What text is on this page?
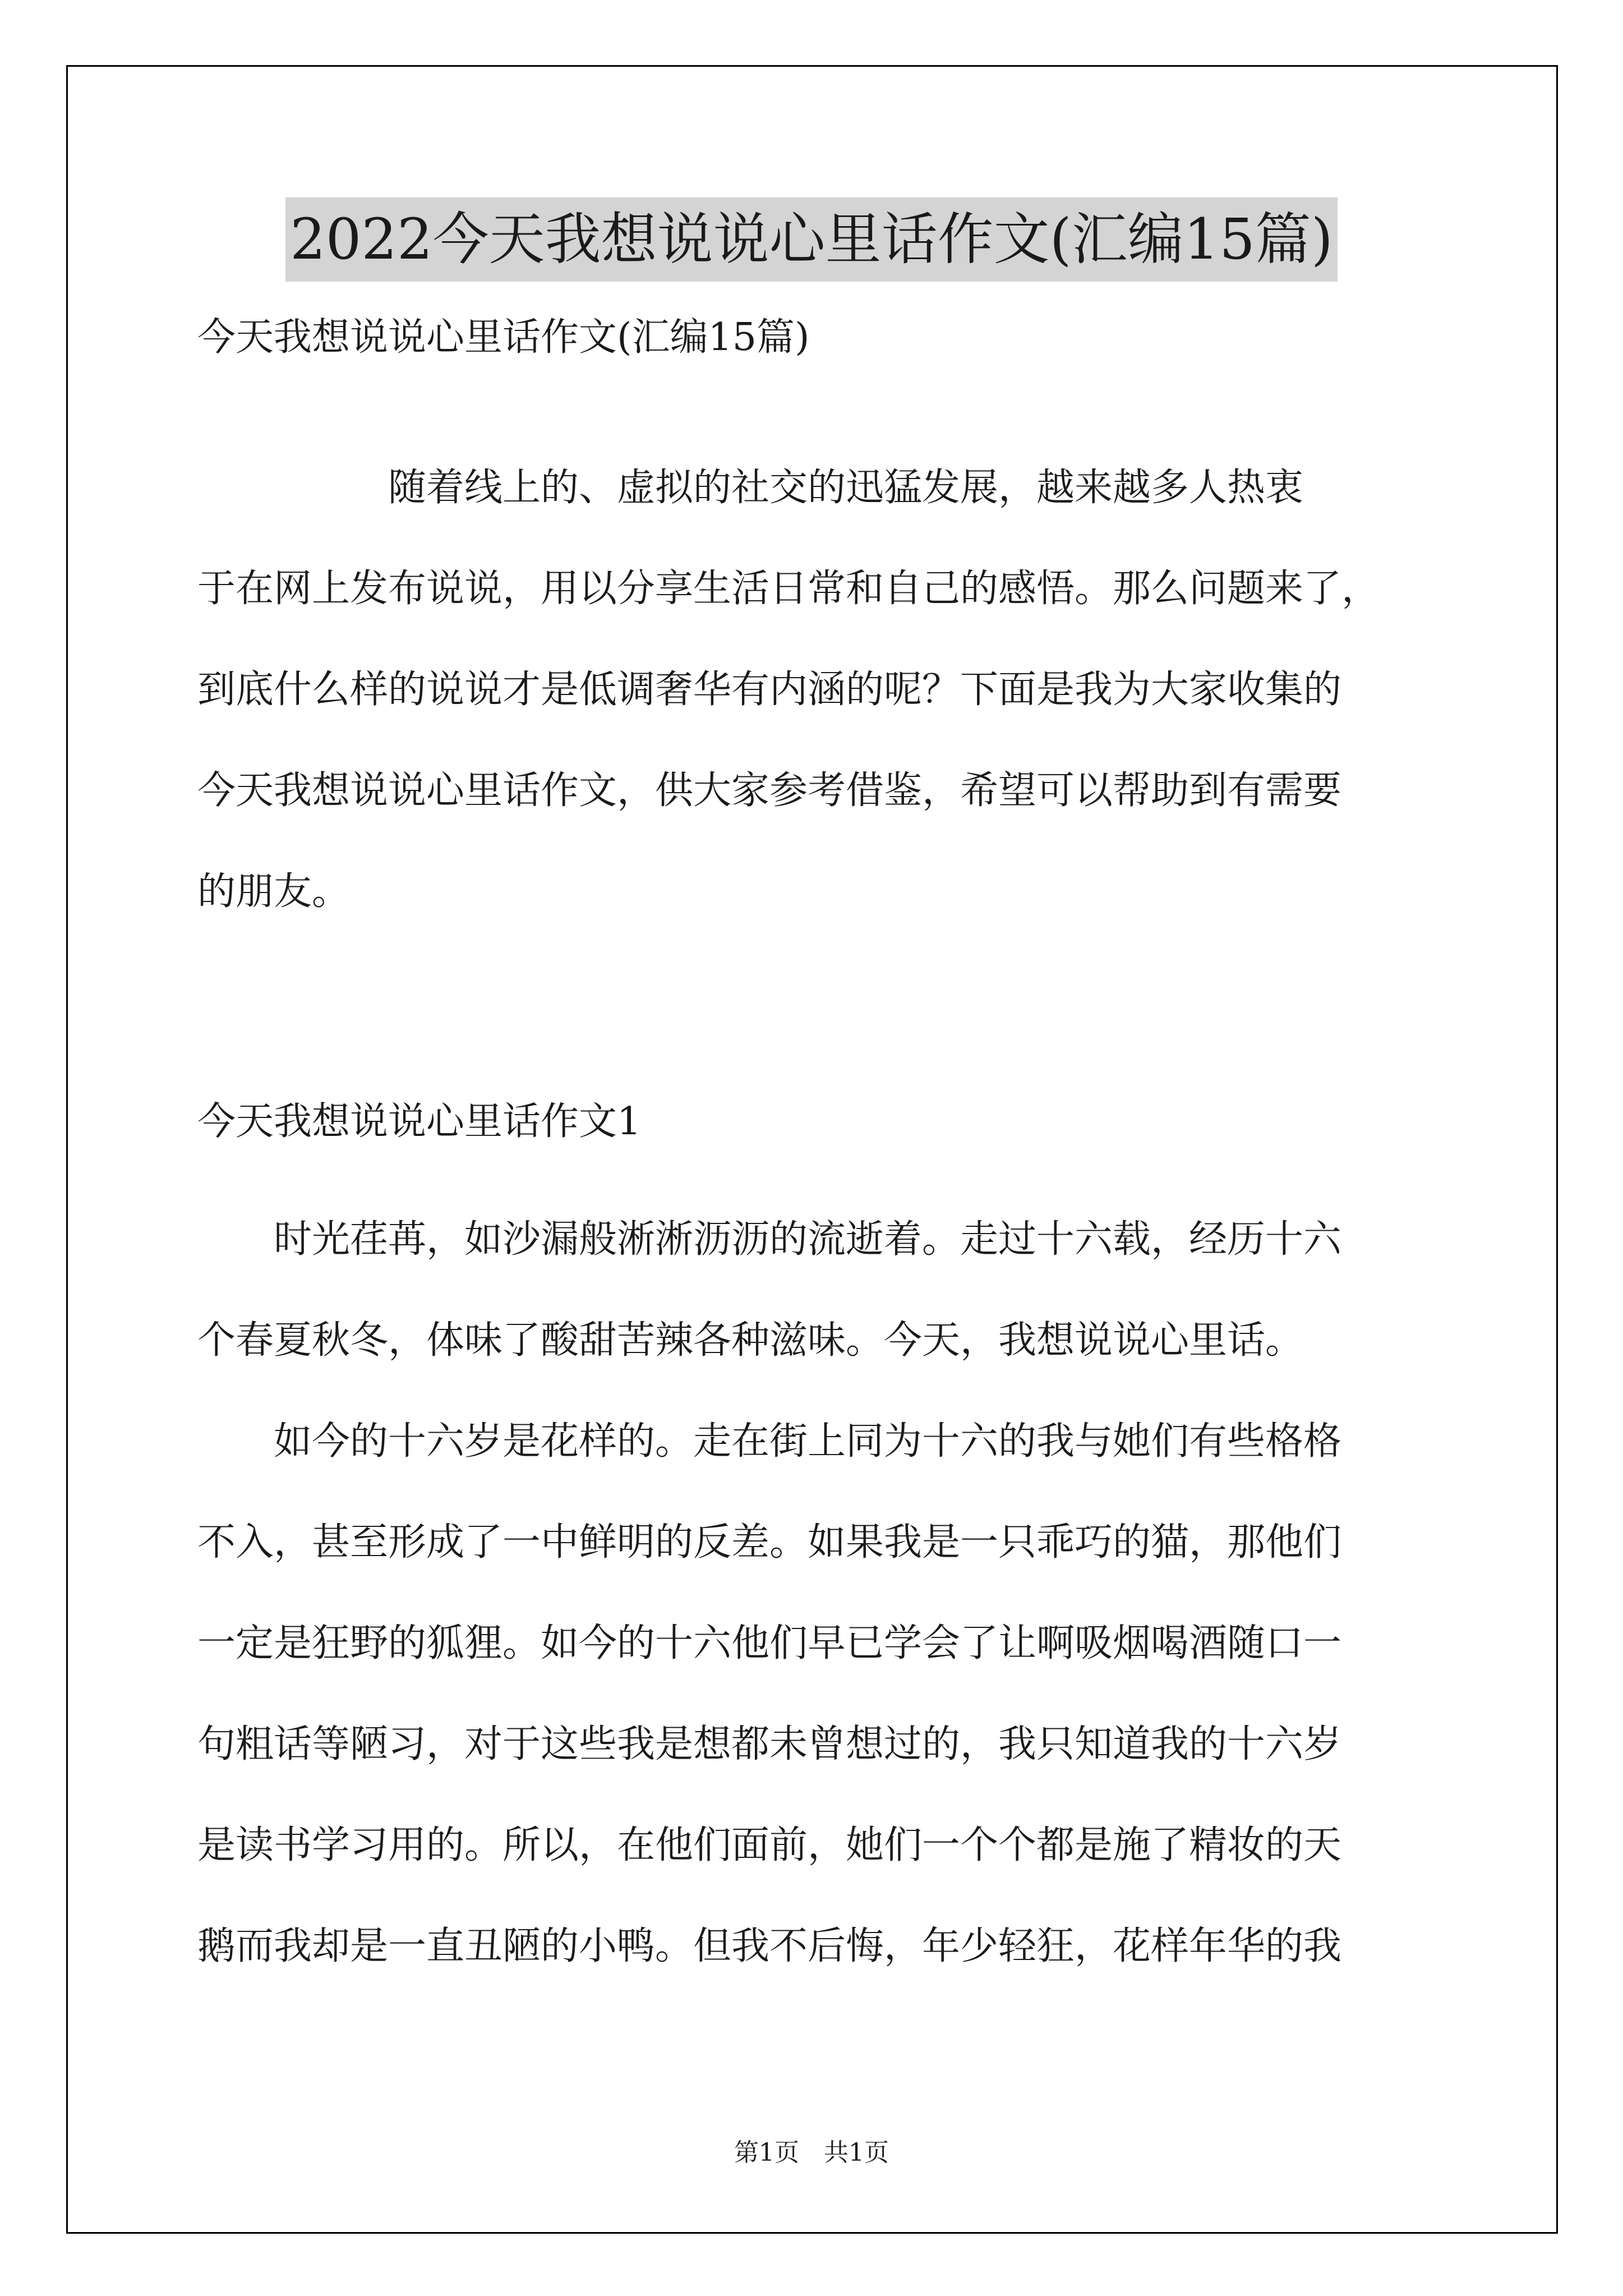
2022今天我想说说心里话作文(汇编15篇)
今天我想说说心里话作文(汇编15篇)

　　　　　随着线上的、虚拟的社交的迅猛发展，越来越多人热衷
于在网上发布说说，用以分享生活日常和自己的感悟。那么问题来了，
到底什么样的说说才是低调奢华有内涵的呢？下面是我为大家收集的
今天我想说说心里话作文，供大家参考借鉴，希望可以帮助到有需要
的朋友。

今天我想说说心里话作文1

　　时光荏苒，如沙漏般淅淅沥沥的流逝着。走过十六载，经历十六
个春夏秋冬，体味了酸甜苦辣各种滋味。今天，我想说说心里话。

　　如今的十六岁是花样的。走在街上同为十六的我与她们有些格格
不入，甚至形成了一中鲜明的反差。如果我是一只乖巧的猫，那他们
一定是狂野的狐狸。如今的十六他们早已学会了让啊吸烟喝酒随口一
句粗话等陋习，对于这些我是想都未曾想过的，我只知道我的十六岁
是读书学习用的。所以，在他们面前，她们一个个都是施了精妆的天
鹅而我却是一直丑陋的小鸭。但我不后悔，年少轻狂，花样年华的我

第1页　共1页
